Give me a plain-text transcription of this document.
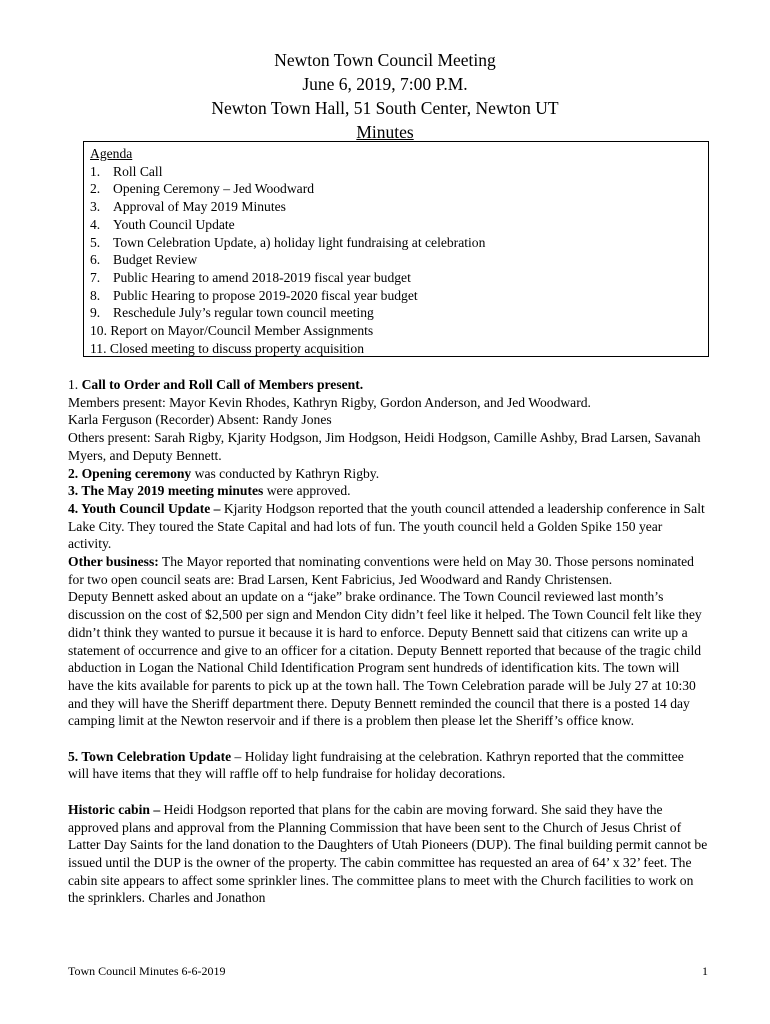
Newton Town Council Meeting
June 6, 2019, 7:00 P.M.
Newton Town Hall, 51 South Center, Newton UT
Minutes
Agenda
1. Roll Call
2. Opening Ceremony – Jed Woodward
3. Approval of May 2019 Minutes
4. Youth Council Update
5. Town Celebration Update, a) holiday light fundraising at celebration
6. Budget Review
7. Public Hearing to amend 2018-2019 fiscal year budget
8. Public Hearing to propose 2019-2020 fiscal year budget
9. Reschedule July’s regular town council meeting
10.
Report on Mayor/Council Member Assignments
11.
Closed meeting to discuss property acquisition

1. Call to Order and Roll Call of Members present.

Members present: Mayor Kevin Rhodes, Kathryn Rigby, Gordon Anderson, and Jed Woodward.

Karla Ferguson (Recorder) Absent: Randy Jones

Others present: Sarah Rigby, Kjarity Hodgson, Jim Hodgson, Heidi Hodgson, Camille Ashby, Brad Larsen, Savanah Myers, and Deputy Bennett.

2. Opening ceremony was conducted by Kathryn Rigby.

3. The May 2019 meeting minutes were approved.

4. Youth Council Update – Kjarity Hodgson reported that the youth council attended a leadership conference in Salt Lake City. They toured the State Capital and had lots of fun. The youth council held a Golden Spike 150 year activity.

Other business: The Mayor reported that nominating conventions were held on May 30. Those persons nominated for two open council seats are: Brad Larsen, Kent Fabricius, Jed Woodward and Randy Christensen.

Deputy Bennett asked about an update on a “jake” brake ordinance. The Town Council reviewed last month’s discussion on the cost of $2,500 per sign and Mendon City didn’t feel like it helped. The Town Council felt like they didn’t think they wanted to pursue it because it is hard to enforce. Deputy Bennett said that citizens can write up a statement of occurrence and give to an officer for a citation. Deputy Bennett reported that because of the tragic child abduction in Logan the National Child Identification Program sent hundreds of identification kits. The town will have the kits available for parents to pick up at the town hall. The Town Celebration parade will be July 27 at 10:30 and they will have the Sheriff department there. Deputy Bennett reminded the council that there is a posted 14 day camping limit at the Newton reservoir and if there is a problem then please let the Sheriff’s office know.

5. Town Celebration Update – Holiday light fundraising at the celebration. Kathryn reported that the committee will have items that they will raffle off to help fundraise for holiday decorations.

Historic cabin – Heidi Hodgson reported that plans for the cabin are moving forward. She said they have the approved plans and approval from the Planning Commission that have been sent to the Church of Jesus Christ of Latter Day Saints for the land donation to the Daughters of Utah Pioneers (DUP). The final building permit cannot be issued until the DUP is the owner of the property. The cabin committee has requested an area of 64’ x 32’ feet. The cabin site appears to affect some sprinkler lines. The committee plans to meet with the Church facilities to work on the sprinklers. Charles and Jonathon

Town Council Minutes 6-6-2019	1
